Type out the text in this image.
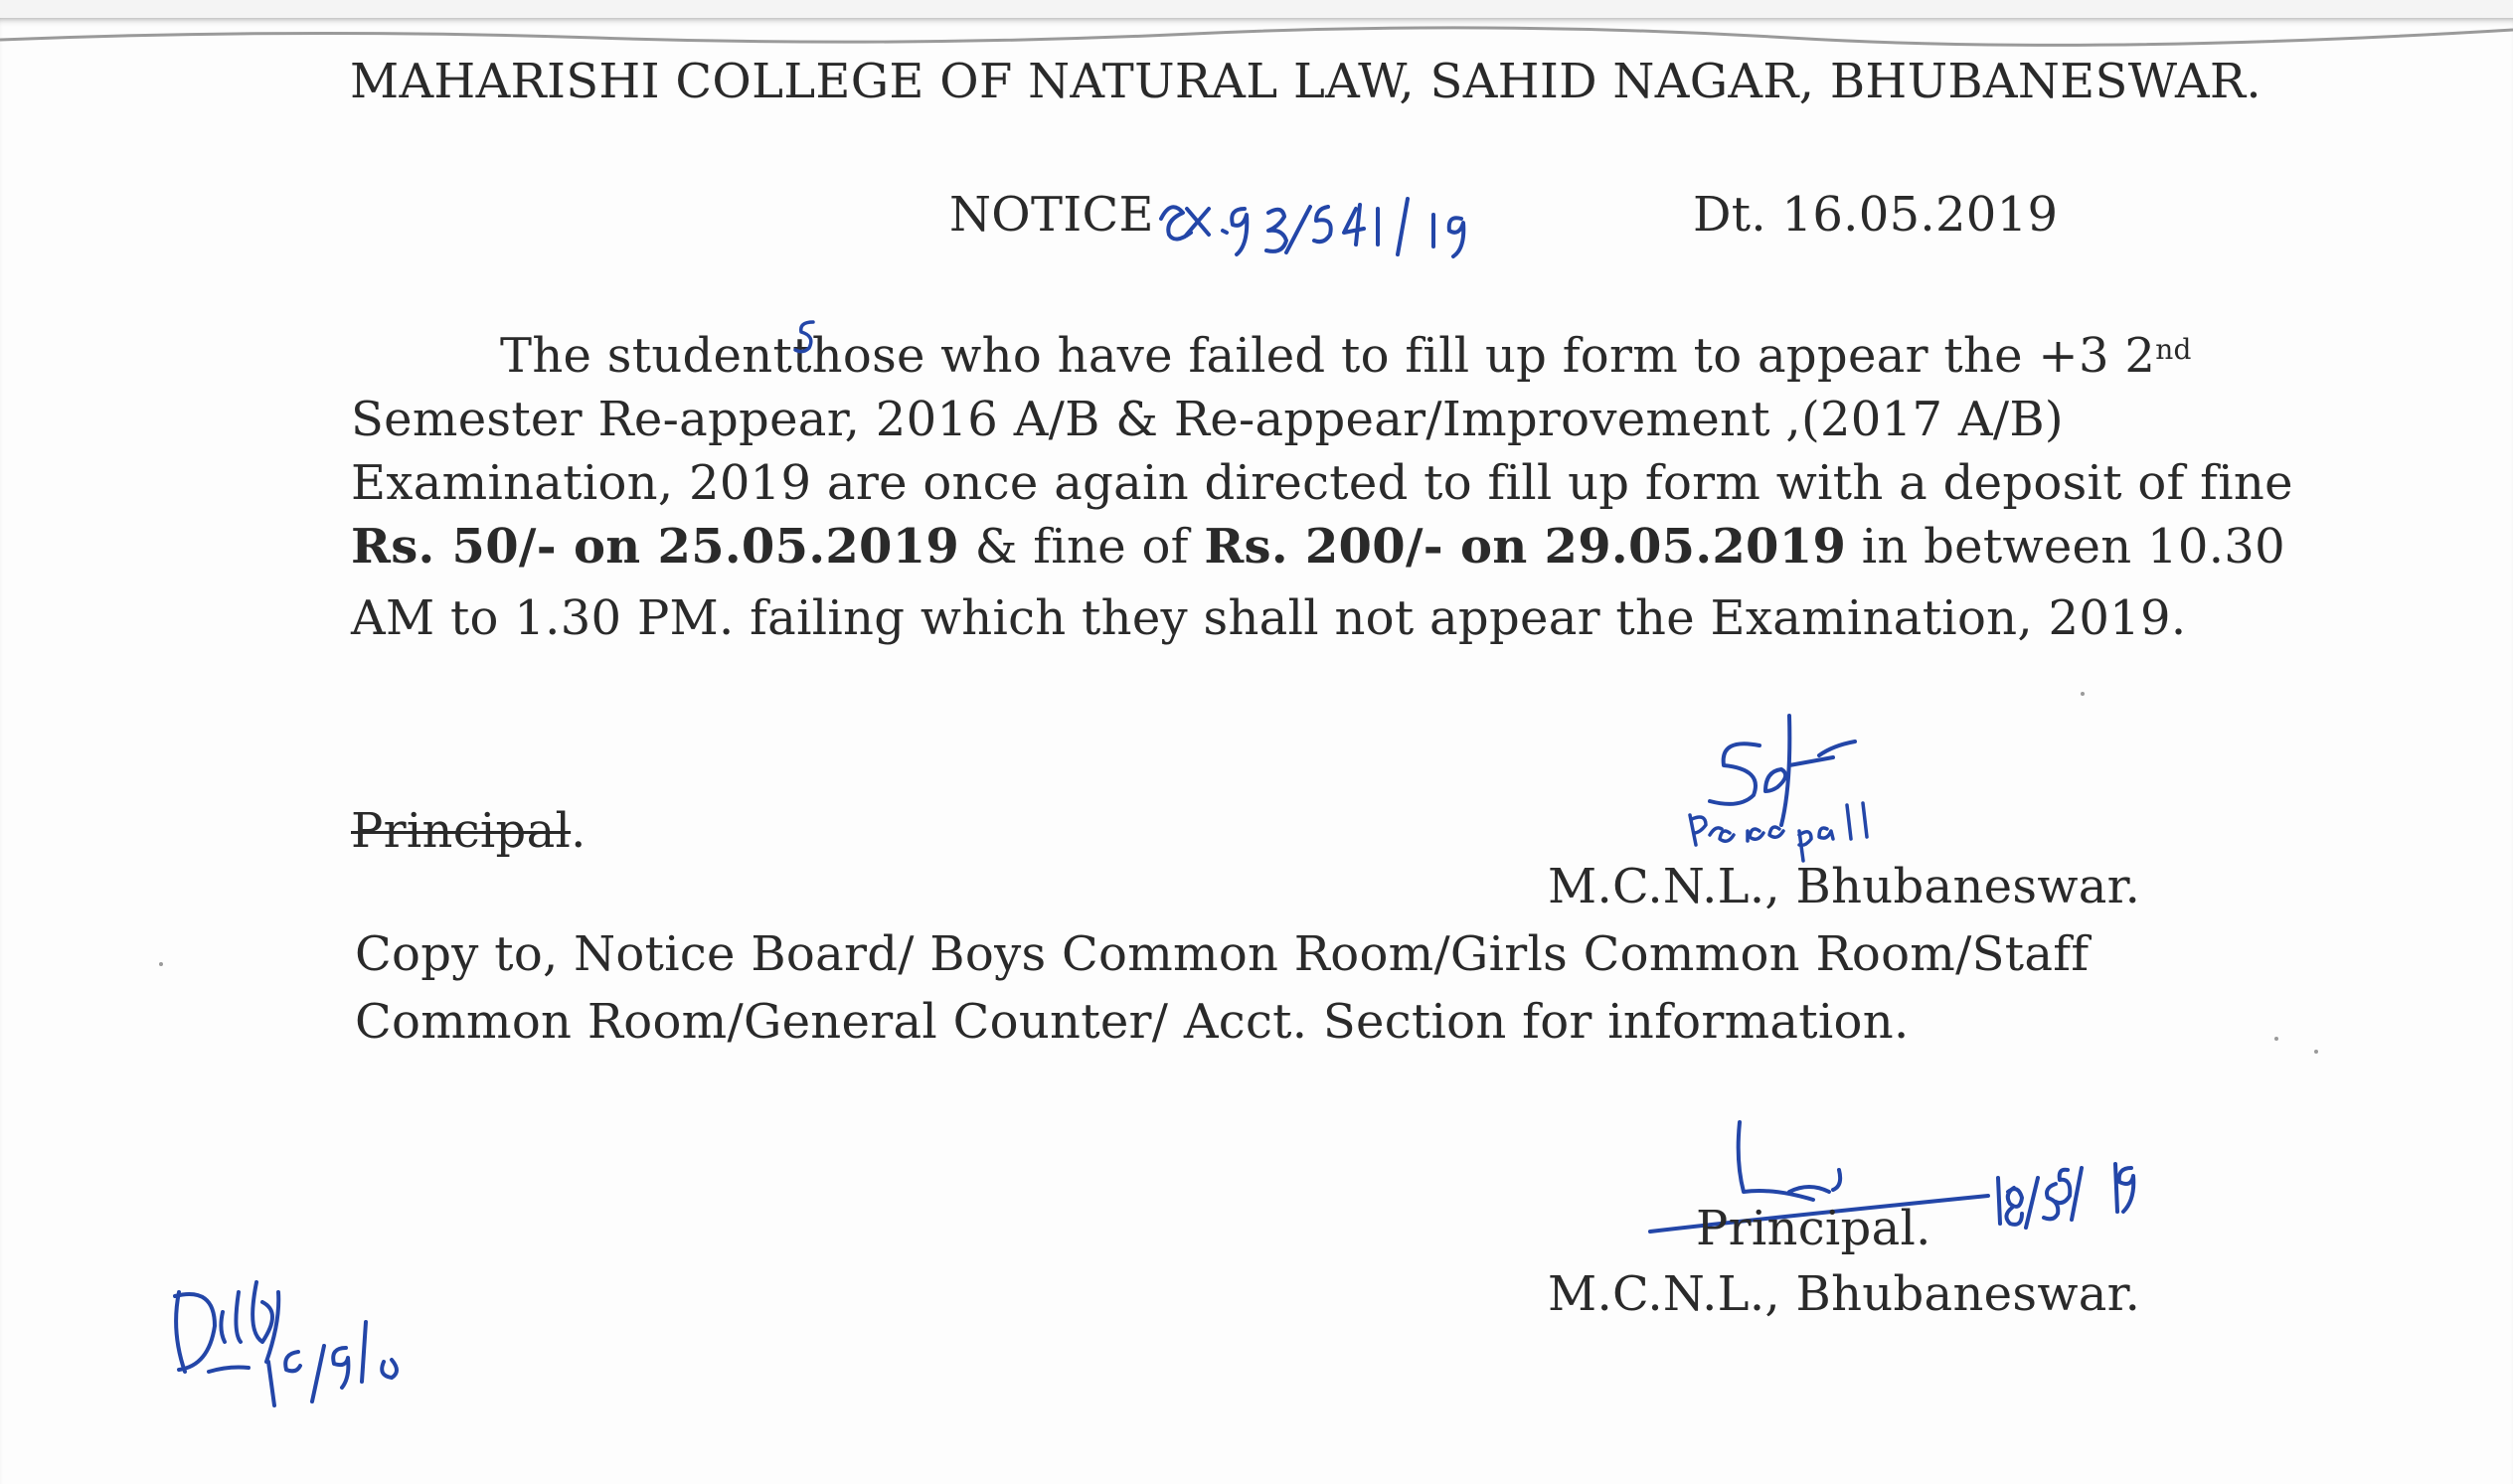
MAHARISHI COLLEGE OF NATURAL LAW, SAHID NAGAR, BHUBANESWAR.
NOTICE	Dt. 16.05.2019
The studentthose who have failed to fill up form to appear the +3 2nd
Semester Re-appear, 2016 A/B & Re-appear/Improvement ,(2017 A/B)
Examination, 2019 are once again directed to fill up form with a deposit of fine
Rs. 50/- on 25.05.2019 & fine of Rs. 200/- on 29.05.2019 in between 10.30
AM to 1.30 PM. failing which they shall not appear the Examination, 2019.
Principal.
M.C.N.L., Bhubaneswar.
Copy to, Notice Board/ Boys Common Room/Girls Common Room/Staff
Common Room/General Counter/ Acct. Section for information.
Principal.
M.C.N.L., Bhubaneswar.
